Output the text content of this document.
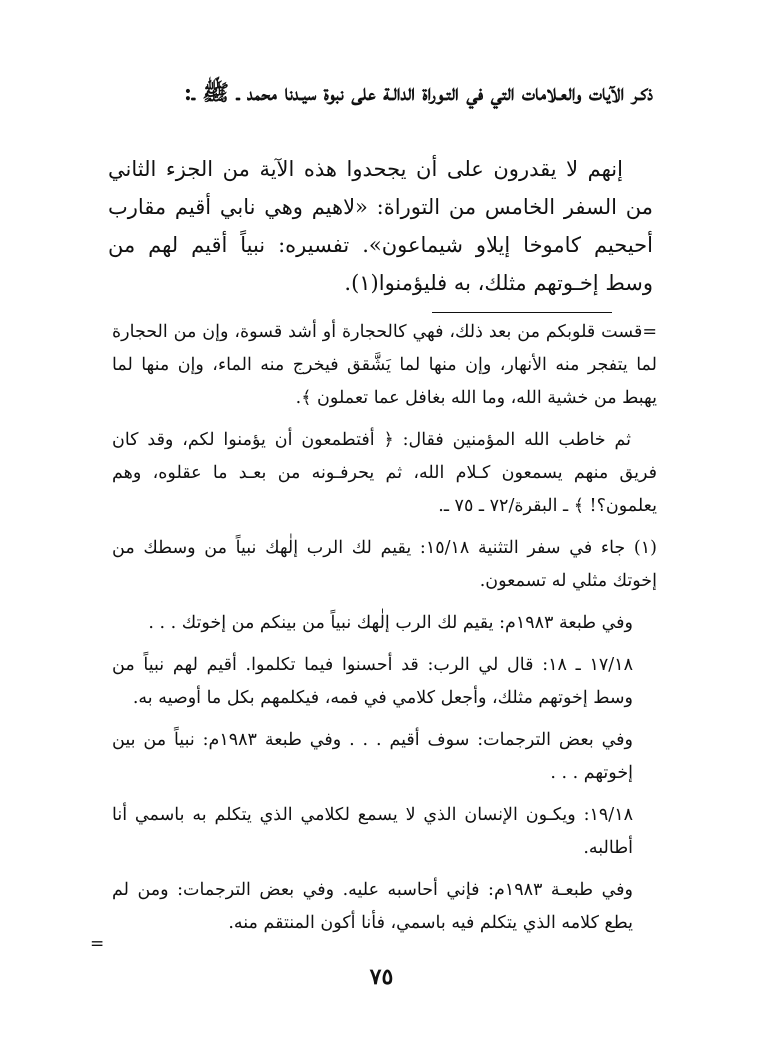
ذكـر الآيات والعـلامات التي في التـوراة الدالـة على نبوة سيـدنا محمد ـ ﷺ ـ:

إنهم لا يقدرون على أن يجحدوا هذه الآية من الجزء الثاني من السفر الخامس من التوراة: «لاهيم وهي نابي أقيم مقارب أحيحيم كاموخا إيلاو شيماعون». تفسيره: نبياً أقيم لهم من وسط إخـوتهم مثلك، به فليؤمنوا(١).

=قست قلوبكم من بعد ذلك، فهي كالحجارة أو أشد قسوة، وإن من الحجارة لما يتفجر منه الأنهار، وإن منها لما يَشَّقق فيخرج منه الماء، وإن منها لما يهبط من خشية الله، وما الله بغافل عما تعملون ﴾.

ثم خاطب الله المؤمنين فقال: ﴿ أفتطمعون أن يؤمنوا لكم، وقد كان فريق منهم يسمعون كـلام الله، ثم يحرفـونه من بعـد ما عقلوه، وهم يعلمون؟! ﴾ ـ البقرة/٧٢ ـ ٧٥ ـ.

(١) جاء في سفر التثنية ١٥/١٨: يقيم لك الرب إلٰهك نبياً من وسطك من إخوتك مثلي له تسمعون.

وفي طبعة ١٩٨٣م: يقيم لك الرب إلٰهك نبياً من بينكم من إخوتك . . .

١٧/١٨ ـ ١٨: قال لي الرب: قد أحسنوا فيما تكلموا. أقيم لهم نبياً من وسط إخوتهم مثلك، وأجعل كلامي في فمه، فيكلمهم بكل ما أوصيه به.

وفي بعض الترجمات: سوف أقيم . . . وفي طبعة ١٩٨٣م: نبياً من بين إخوتهم . . .

١٩/١٨: ويكـون الإنسان الذي لا يسمع لكلامي الذي يتكلم به باسمي أنا أطالبه.

وفي طبعـة ١٩٨٣م: فإني أحاسبه عليه. وفي بعض الترجمات: ومن لم يطع كلامه الذي يتكلم فيه باسمي، فأنا أكون المنتقم منه.

=
٧٥
